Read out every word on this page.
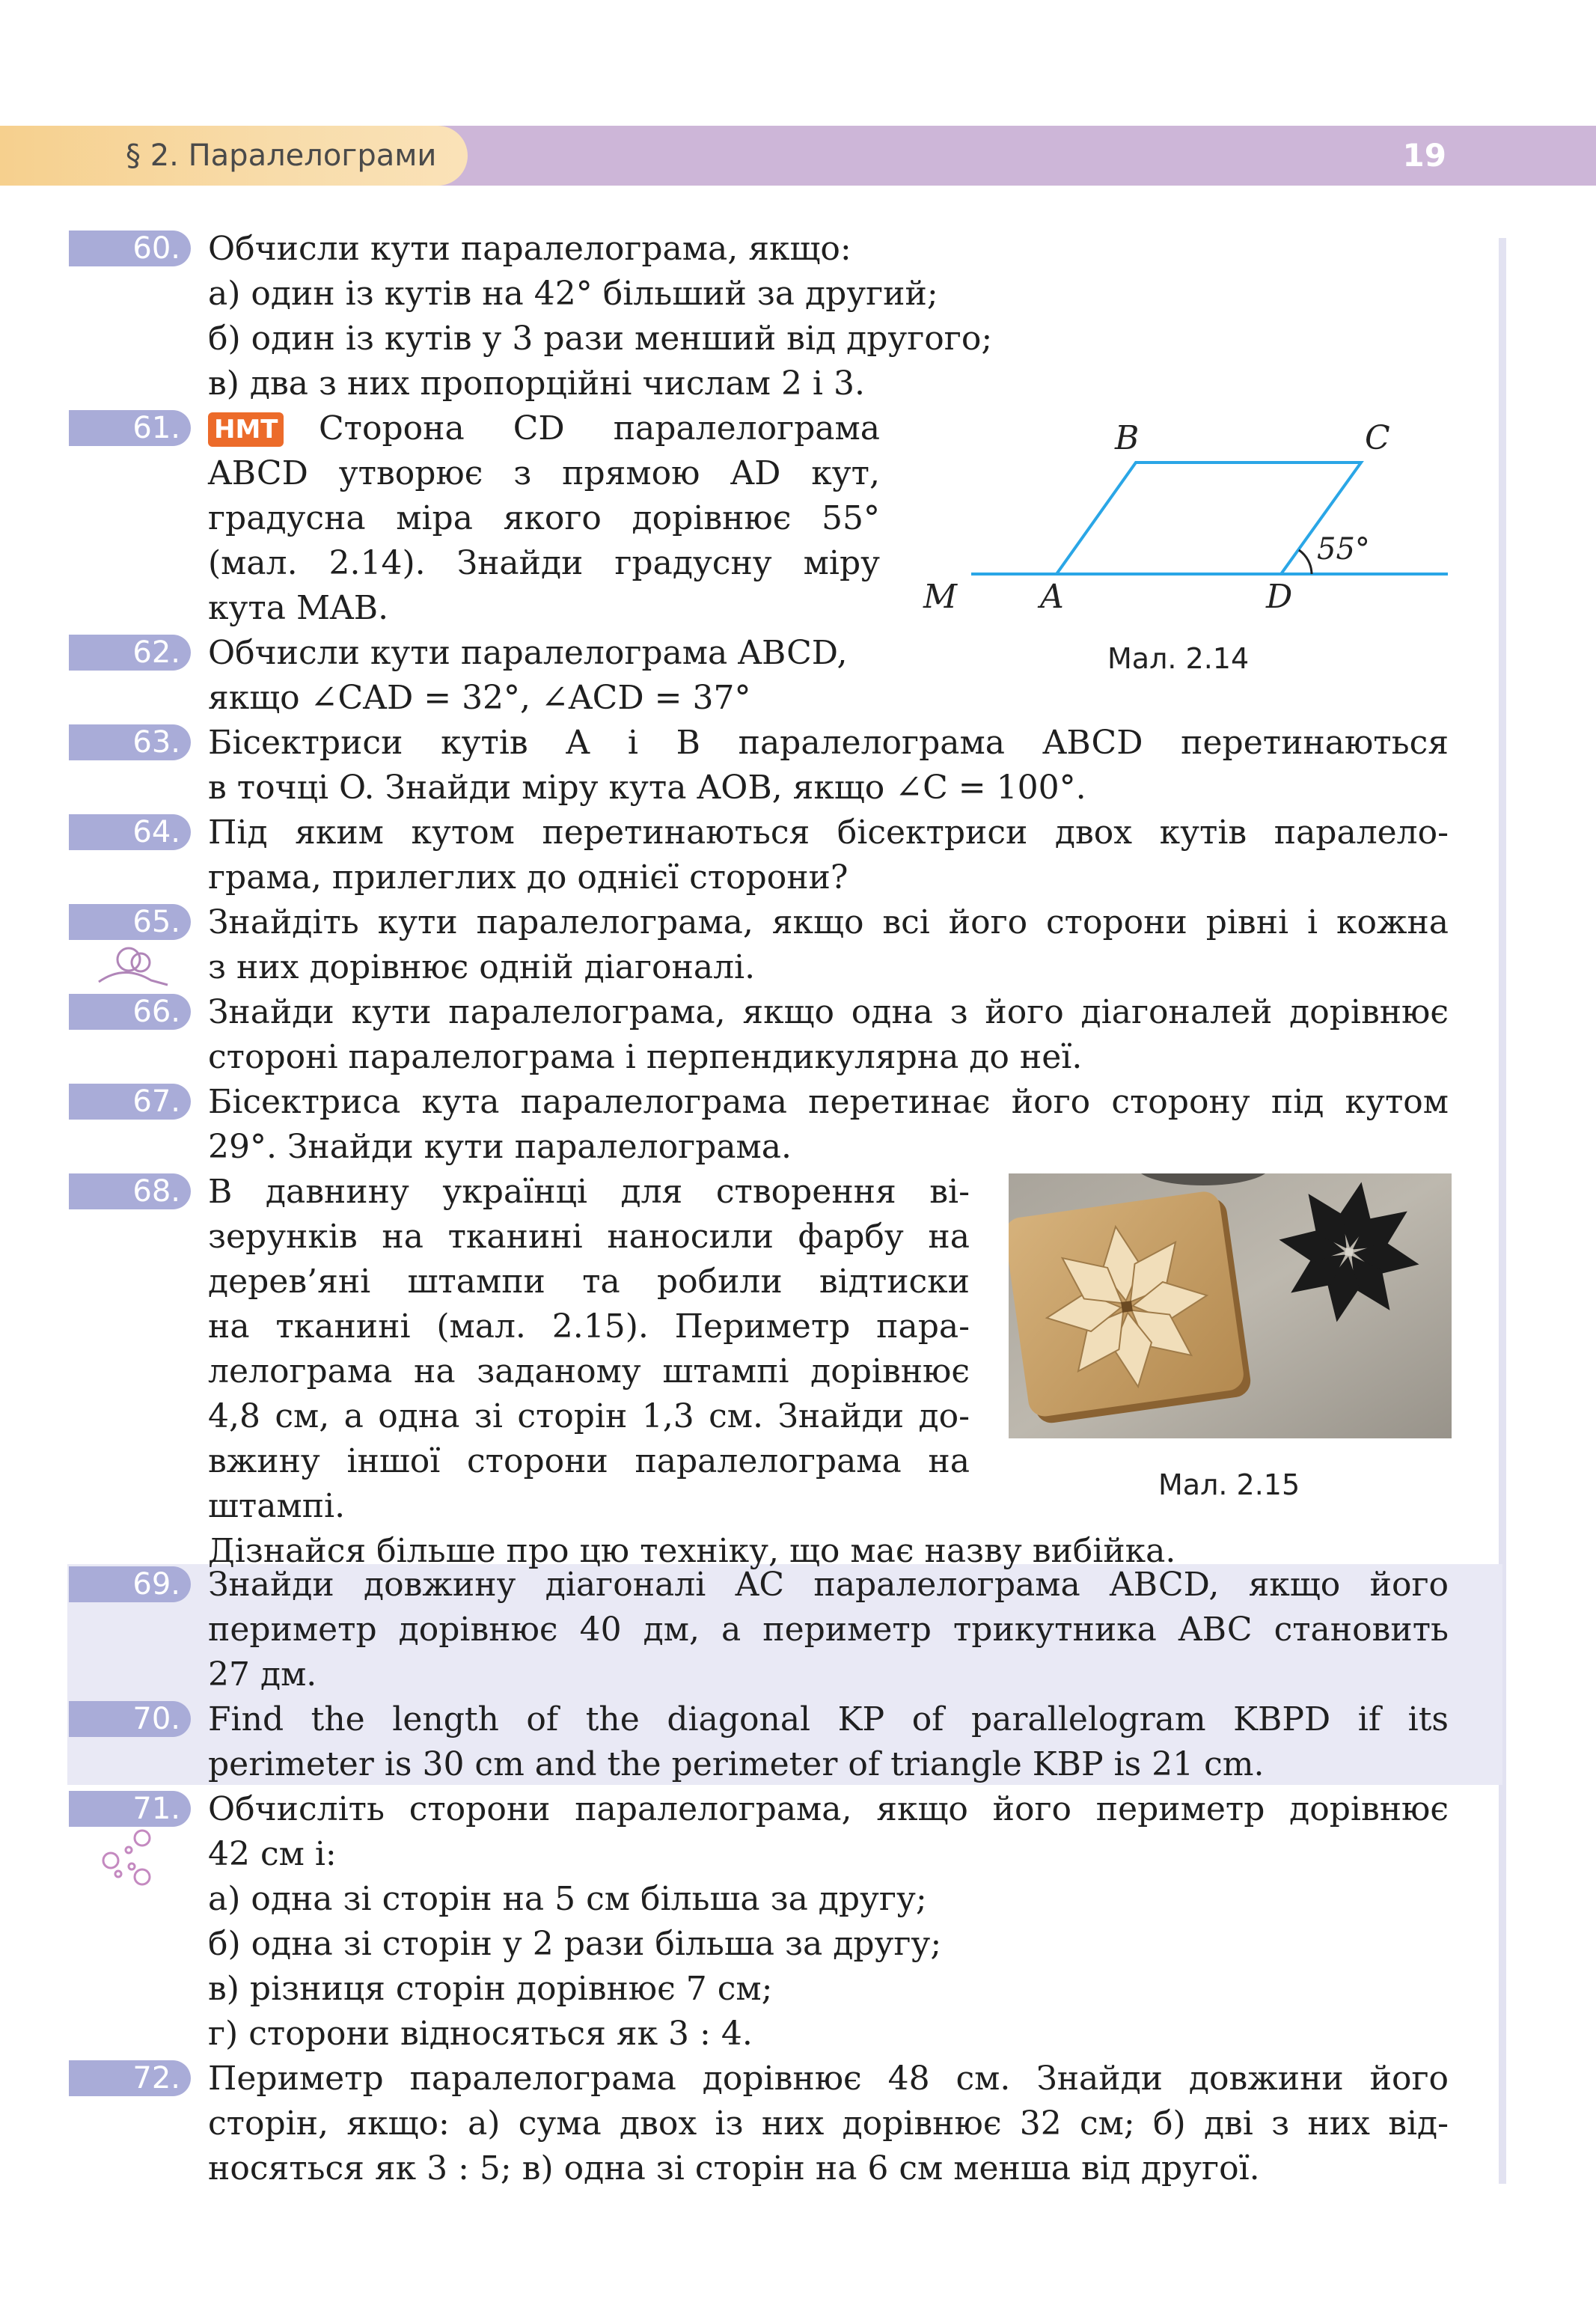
§ 2. Паралелограми	19
60. Обчисли кути паралелограма, якщо:
а) один із кутів на 42° більший за другий;
б) один із кутів у 3 рази менший від другого;
в) два з них пропорційні числам 2 і 3.
61.	НМТ Сторона CD паралелограма
ABCD утворює з прямою AD кут,
градусна міра якого дорівнює 55°
(мал. 2.14). Знайди градусну міру
кута MAB.
B	C
M	A	D
55°
Мал. 2.14
62. Обчисли кути паралелограма ABCD,
якщо ∠CAD = 32°, ∠ACD = 37°
63. Бісектриси кутів A і B паралелограма ABCD перетинаються
в точці O. Знайди міру кута AOB, якщо ∠C = 100°.
64. Під яким кутом перетинаються бісектриси двох кутів паралело-
грама, прилеглих до однієї сторони?
65. Знайдіть кути паралелограма, якщо всі його сторони рівні і кожна
з них дорівнює одній діагоналі.
66. Знайди кути паралелограма, якщо одна з його діагоналей дорівнює
стороні паралелограма і перпендикулярна до неї.
67. Бісектриса кута паралелограма перетинає його сторону під кутом
29°. Знайди кути паралелограма.
68. В давнину українці для створення ві-
зерунків на тканині наносили фарбу на
дерев’яні штампи та робили відтиски
на тканині (мал. 2.15). Периметр пара-
лелограма на заданому штампі дорівнює
4,8 см, а одна зі сторін 1,3 см. Знайди до-
вжину іншої сторони паралелограма на
штампі.
Дізнайся більше про цю техніку, що має назву вибійка.
Мал. 2.15
69. Знайди довжину діагоналі AC паралелограма ABCD, якщо його
периметр дорівнює 40 дм, а периметр трикутника ABC становить
27 дм.
70. Find the length of the diagonal KP of parallelogram KBPD if its
perimeter is 30 cm and the perimeter of triangle KBP is 21 cm.
71. Обчисліть сторони паралелограма, якщо його периметр дорівнює
42 см і:
а) одна зі сторін на 5 см більша за другу;
б) одна зі сторін у 2 рази більша за другу;
в) різниця сторін дорівнює 7 см;
г) сторони відносяться як 3 : 4.
72. Периметр паралелограма дорівнює 48 см. Знайди довжини його
сторін, якщо: а) сума двох із них дорівнює 32 см; б) дві з них від-
носяться як 3 : 5; в) одна зі сторін на 6 см менша від другої.
